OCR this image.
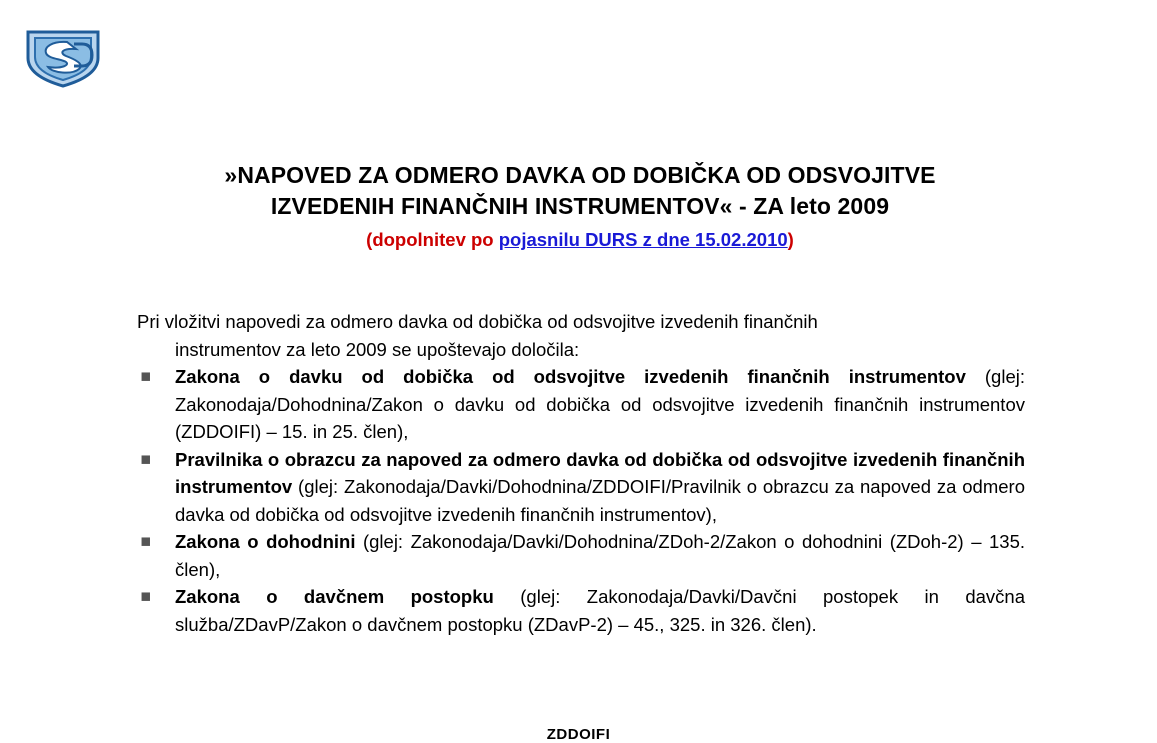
»NAPOVED ZA ODMERO DAVKA OD DOBIČKA OD ODSVOJITVE
IZVEDENIH FINANČNIH INSTRUMENTOV« - ZA leto 2009
(dopolnitev po pojasnilu DURS z dne 15.02.2010)

Pri vložitvi napovedi za odmero davka od dobička od odsvojitve izvedenih finančnih
instrumentov za leto 2009 se upoštevajo določila:

▪ Zakona o davku od dobička od odsvojitve izvedenih finančnih instrumentov (glej: Zakonodaja/Dohodnina/Zakon o davku od dobička od odsvojitve izvedenih finančnih instrumentov (ZDDOIFI) – 15. in 25. člen),
▪ Pravilnika o obrazcu za napoved za odmero davka od dobička od odsvojitve izvedenih finančnih instrumentov (glej: Zakonodaja/Davki/Dohodnina/ZDDOIFI/Pravilnik o obrazcu za napoved za odmero davka od dobička od odsvojitve izvedenih finančnih instrumentov),
▪ Zakona o dohodnini (glej: Zakonodaja/Davki/Dohodnina/ZDoh-2/Zakon o dohodnini (ZDoh-2) – 135. člen),
▪ Zakona o davčnem postopku (glej: Zakonodaja/Davki/Davčni postopek in davčna služba/ZDavP/Zakon o davčnem postopku (ZDavP-2) – 45., 325. in 326. člen).
ZDDOIFI
